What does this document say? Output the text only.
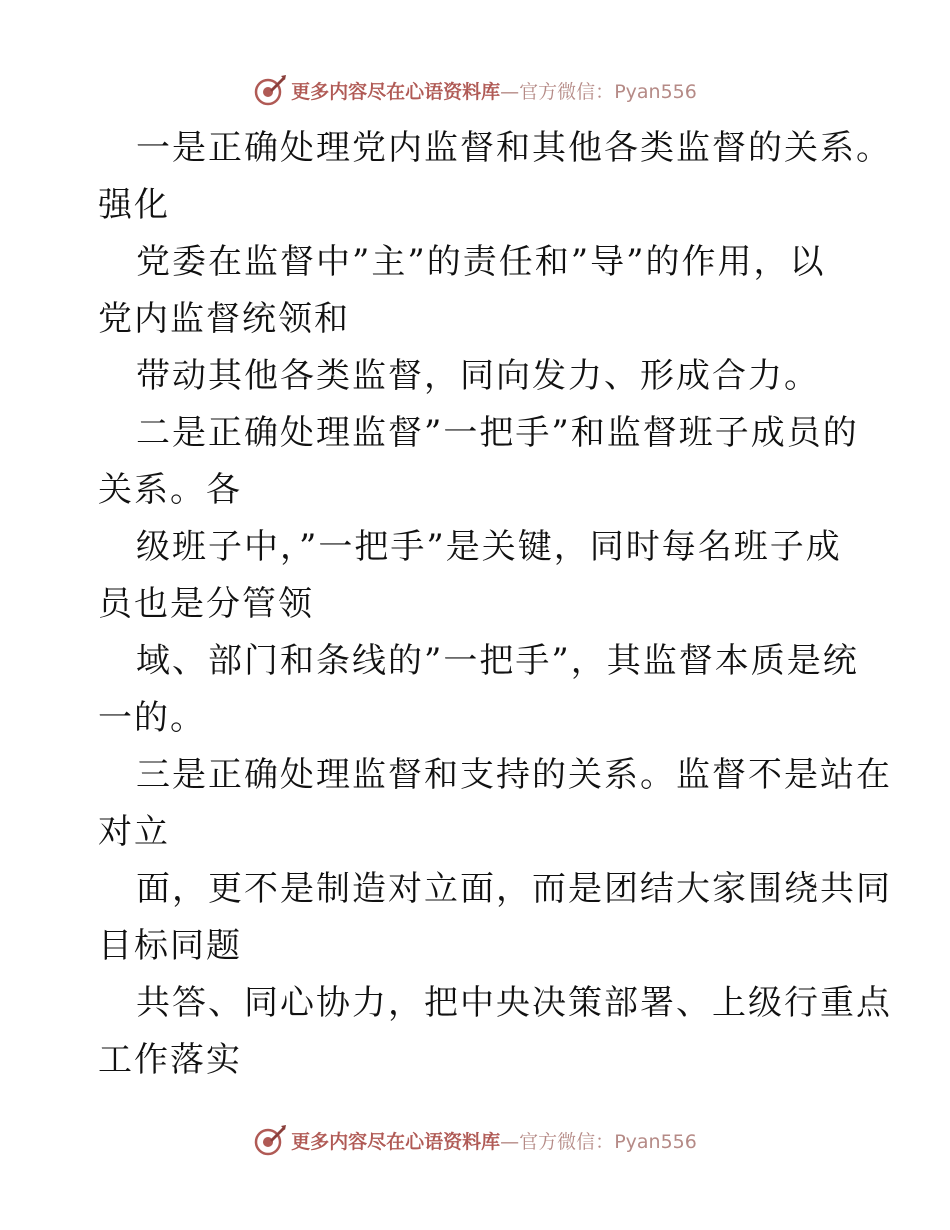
更多内容尽在心语资料库—官方微信：Pyan556
一是正确处理党内监督和其他各类监督的关系。
强化
党委在监督中”主”的责任和”导”的作用，以
党内监督统领和
带动其他各类监督，同向发力、形成合力。
二是正确处理监督”一把手”和监督班子成员的
关系。各
级班子中，”一把手”是关键，同时每名班子成
员也是分管领
域、部门和条线的”一把手”，其监督本质是统
一的。
三是正确处理监督和支持的关系。监督不是站在
对立
面，更不是制造对立面，而是团结大家围绕共同
目标同题
共答、同心协力，把中央决策部署、上级行重点
工作落实
更多内容尽在心语资料库—官方微信：Pyan556
